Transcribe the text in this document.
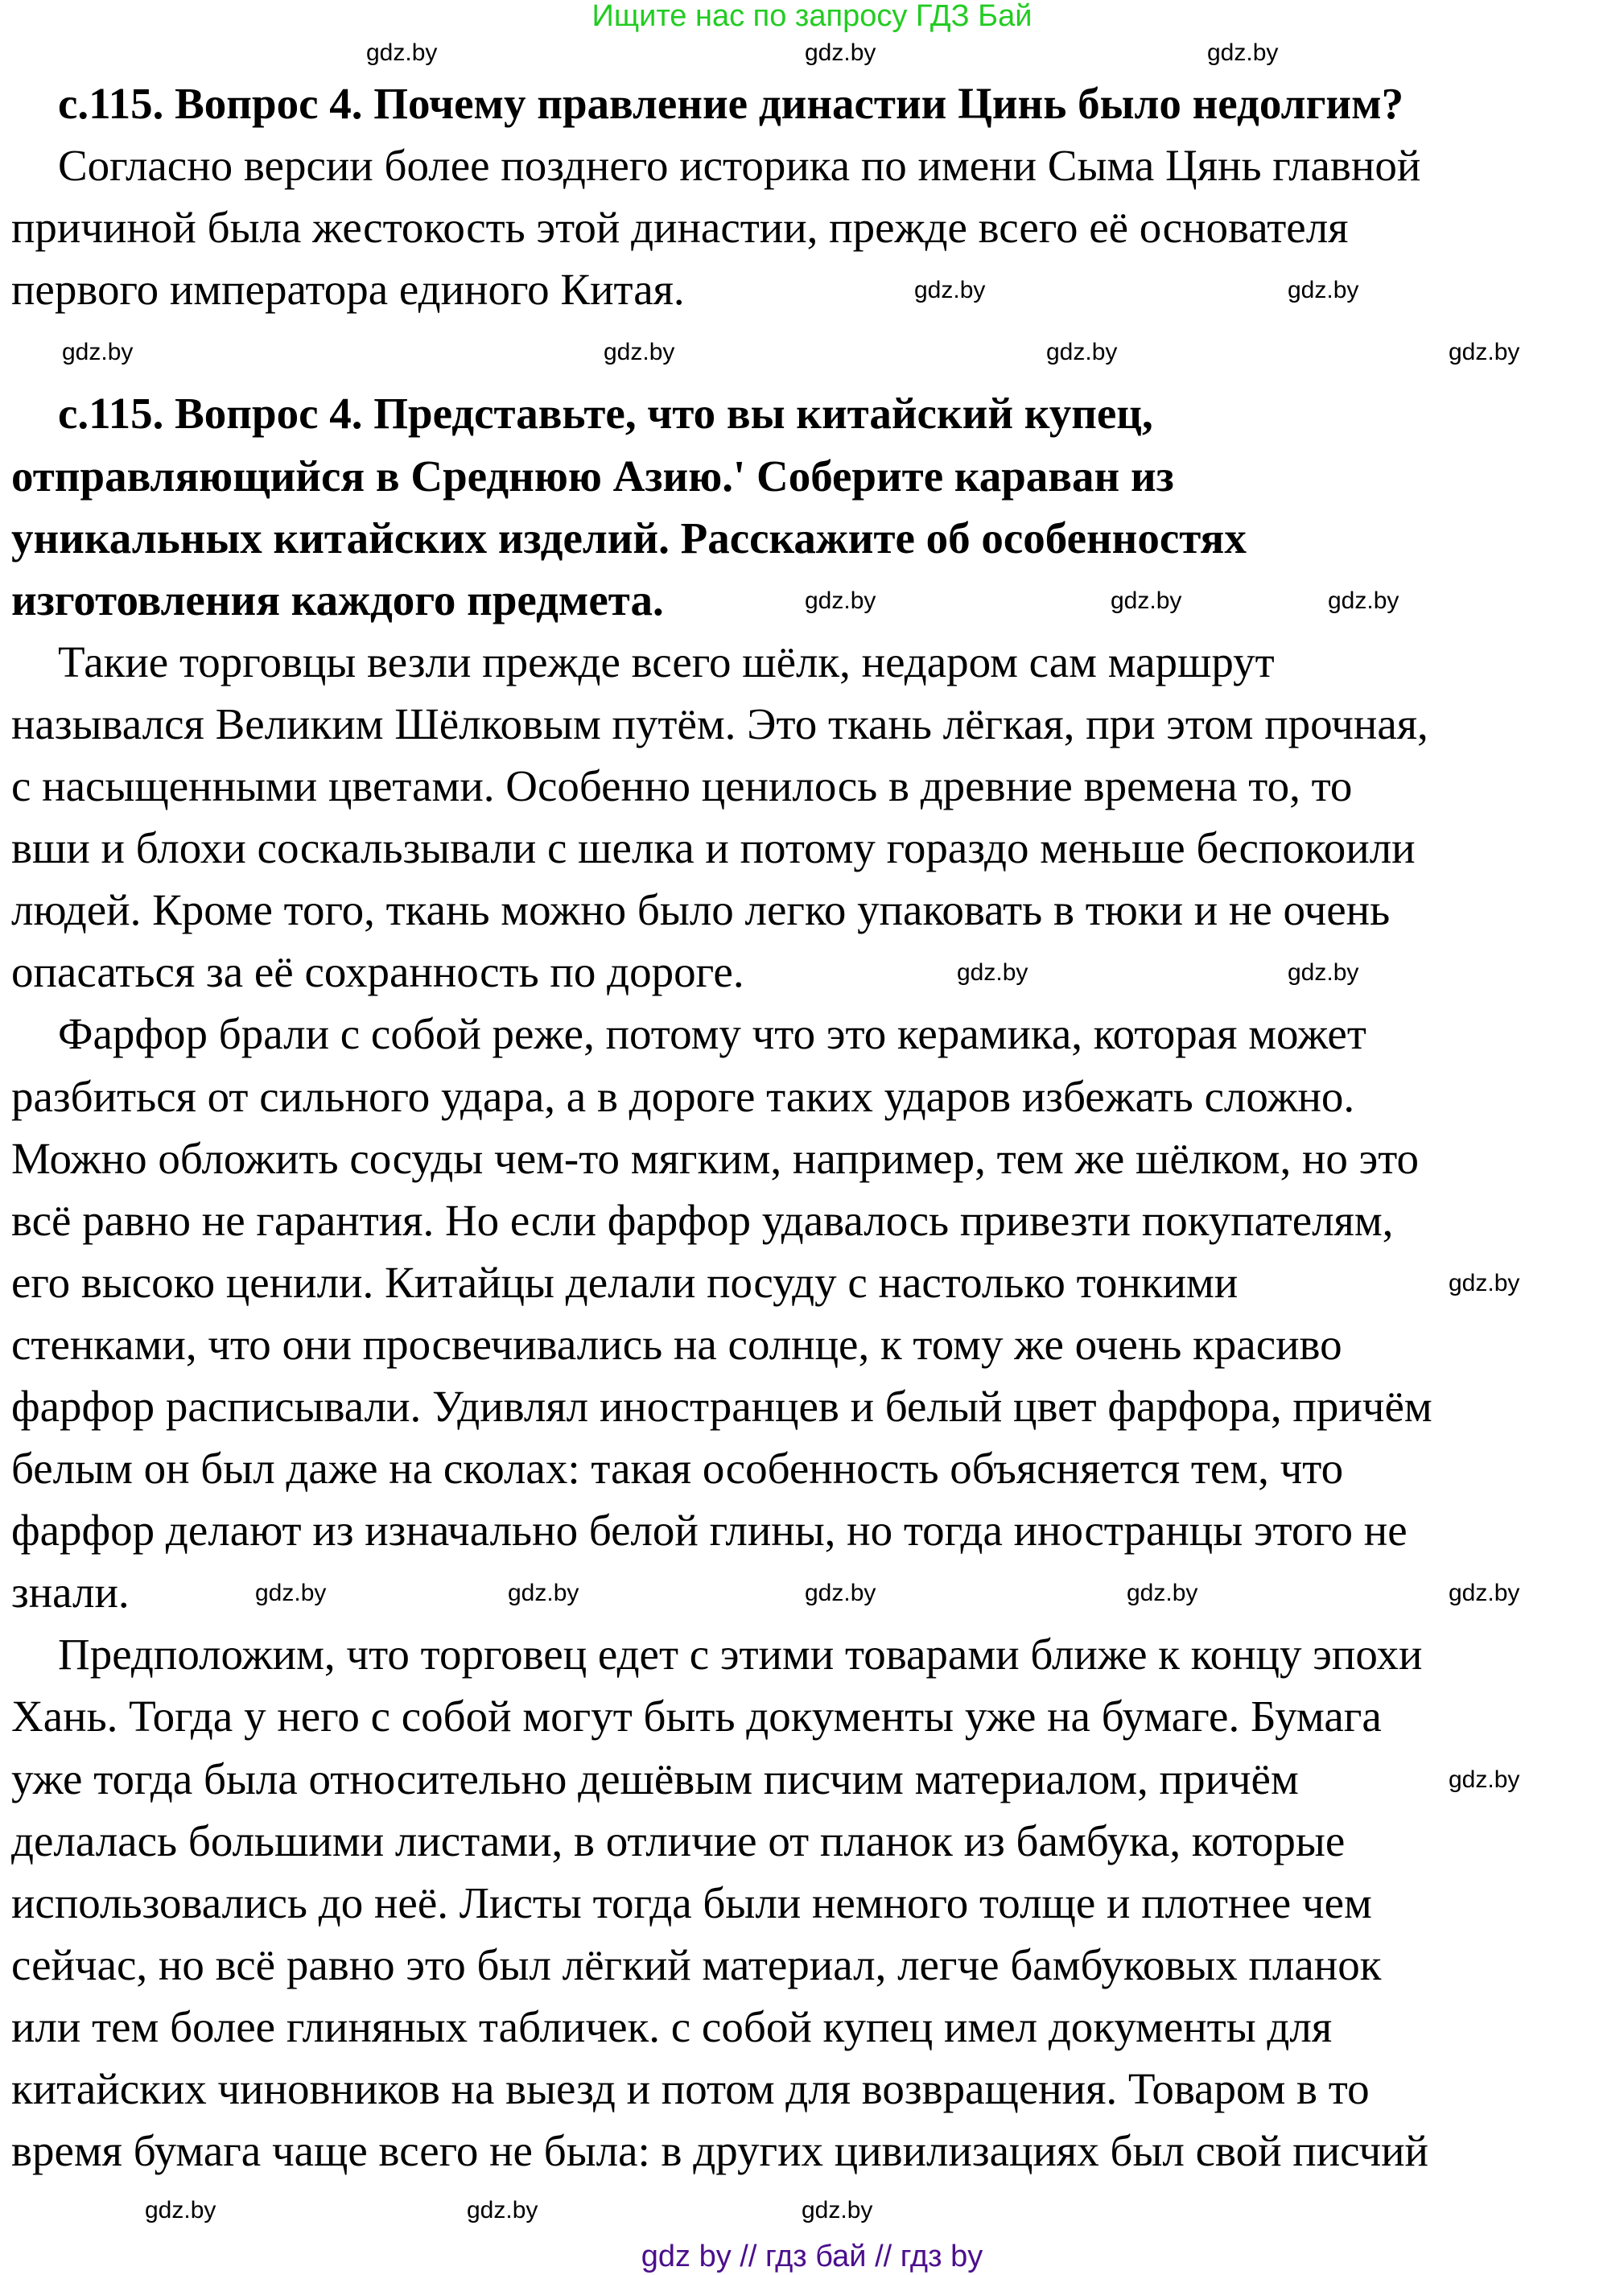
Ищите нас по запросу ГДЗ Бай
с.115. Вопрос 4. Почему правление династии Цинь было недолгим?
Согласно версии более позднего историка по имени Сыма Цянь главной
причиной была жестокость этой династии, прежде всего её основателя
первого императора единого Китая.
с.115. Вопрос 4. Представьте, что вы китайский купец,
отправляющийся в Среднюю Азию.' Соберите караван из
уникальных китайских изделий. Расскажите об особенностях
изготовления каждого предмета.
Такие торговцы везли прежде всего шёлк, недаром сам маршрут
назывался Великим Шёлковым путём. Это ткань лёгкая, при этом прочная,
с насыщенными цветами. Особенно ценилось в древние времена то, то
вши и блохи соскальзывали с шелка и потому гораздо меньше беспокоили
людей. Кроме того, ткань можно было легко упаковать в тюки и не очень
опасаться за её сохранность по дороге.
Фарфор брали с собой реже, потому что это керамика, которая может
разбиться от сильного удара, а в дороге таких ударов избежать сложно.
Можно обложить сосуды чем-то мягким, например, тем же шёлком, но это
всё равно не гарантия. Но если фарфор удавалось привезти покупателям,
его высоко ценили. Китайцы делали посуду с настолько тонкими
стенками, что они просвечивались на солнце, к тому же очень красиво
фарфор расписывали. Удивлял иностранцев и белый цвет фарфора, причём
белым он был даже на сколах: такая особенность объясняется тем, что
фарфор делают из изначально белой глины, но тогда иностранцы этого не
знали.
Предположим, что торговец едет с этими товарами ближе к концу эпохи
Хань. Тогда у него с собой могут быть документы уже на бумаге. Бумага
уже тогда была относительно дешёвым писчим материалом, причём
делалась большими листами, в отличие от планок из бамбука, которые
использовались до неё. Листы тогда были немного толще и плотнее чем
сейчас, но всё равно это был лёгкий материал, легче бамбуковых планок
или тем более глиняных табличек. с собой купец имел документы для
китайских чиновников на выезд и потом для возвращения. Товаром в то
время бумага чаще всего не была: в других цивилизациях был свой писчий
gdz.by	gdz.by	gdz.by
gdz.by	gdz.by
gdz.by	gdz.by	gdz.by	gdz.by
gdz.by	gdz.by	gdz.by
gdz.by	gdz.by
gdz.by
gdz.by	gdz.by	gdz.by	gdz.by	gdz.by
gdz.by
gdz.by	gdz.by	gdz.by
gdz by // гдз бай // гдз by
